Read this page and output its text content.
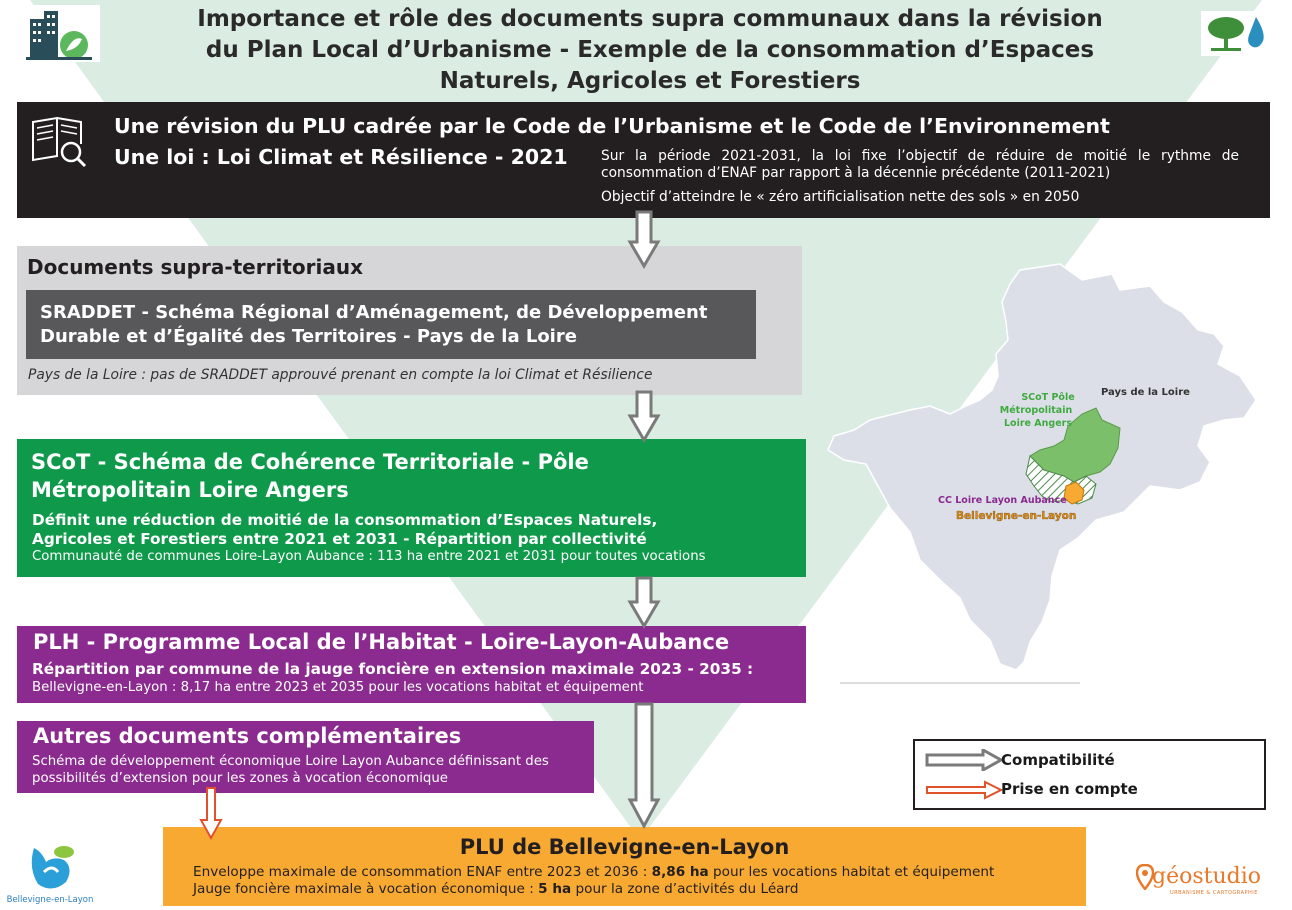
Importance et rôle des documents supra communaux dans la révision
du Plan Local d’Urbanisme - Exemple de la consommation d’Espaces
Naturels, Agricoles et Forestiers
Une révision du PLU cadrée par le Code de l’Urbanisme et le Code de l’Environnement
Une loi : Loi Climat et Résilience - 2021 Sur la période 2021-2031, la loi fixe l’objectif de réduire de moitié le rythme de
consommation d’ENAF par rapport à la décennie précédente (2011-2021)
Objectif d’atteindre le « zéro artificialisation nette des sols » en 2050
Documents supra-territoriaux
Pays de la Loire : pas de SRADDET approuvé prenant en compte la loi Climat et Résilience
SRADDET - Schéma Régional d’Aménagement, de Développement
Durable et d’Égalité des Territoires - Pays de la Loire
SCoT - Schéma de Cohérence Territoriale - Pôle
Métropolitain Loire Angers
Définit une réduction de moitié de la consommation d’Espaces Naturels,
Agricoles et Forestiers entre 2021 et 2031 - Répartition par collectivité
Communauté de communes Loire-Layon Aubance : 113 ha entre 2021 et 2031 pour toutes vocations
PLH - Programme Local de l’Habitat - Loire-Layon-Aubance
Répartition par commune de la jauge foncière en extension maximale 2023 - 2035 :
Bellevigne-en-Layon : 8,17 ha entre 2023 et 2035 pour les vocations habitat et équipement
Autres documents complémentaires
Schéma de développement économique Loire Layon Aubance définissant des
possibilités d’extension pour les zones à vocation économique
PLU de Bellevigne-en-Layon
Enveloppe maximale de consommation ENAF entre 2023 et 2036 : 8,86 ha pour les vocations habitat et équipement
Jauge foncière maximale à vocation économique : 5 ha pour la zone d’activités du Léard
Pays de la Loire
SCoT Pôle
Métropolitain
Loire Angers
CC Loire Layon Aubance
Bellevigne-en-Layon
Compatibilité
Prise en compte
Bellevigne-en-Layon
géostudio
URBANISME & CARTOGRAPHIE
